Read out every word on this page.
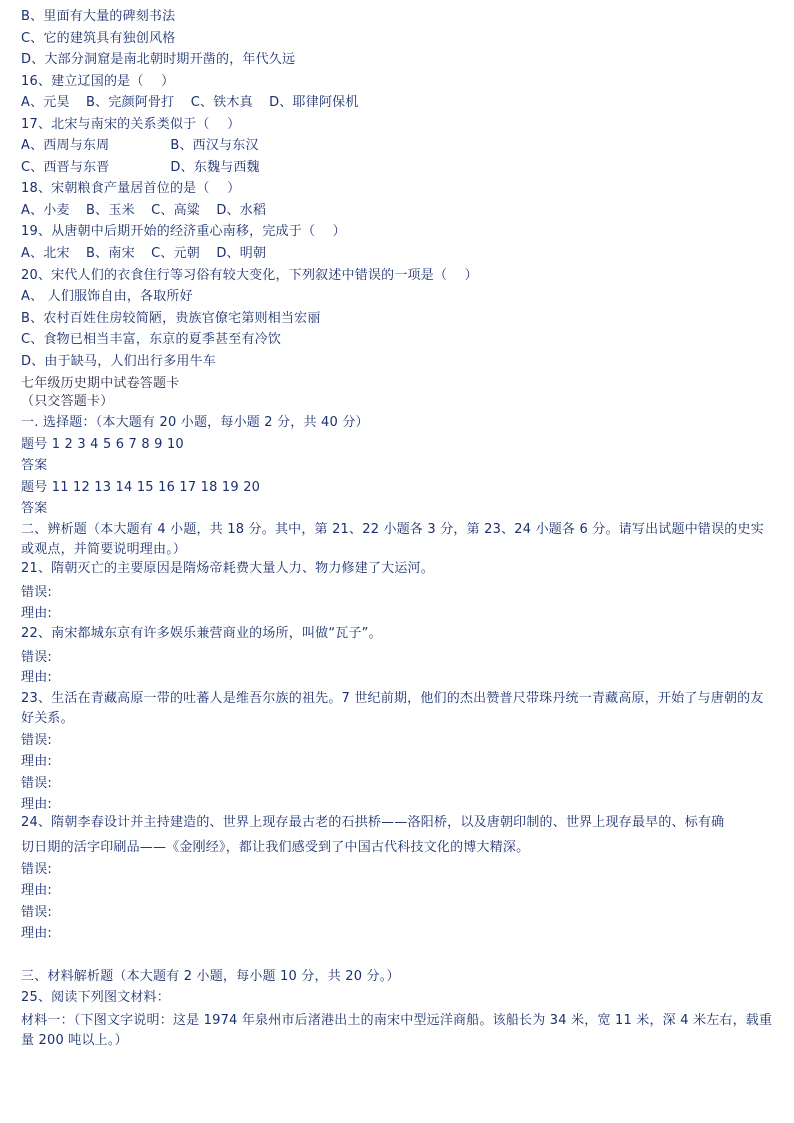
B、里面有大量的碑刻书法
C、它的建筑具有独创风格
D、大部分洞窟是南北朝时期开凿的，年代久远
16、建立辽国的是（　 ）
A、元昊 B、完颜阿骨打 C、铁木真 D、耶律阿保机
17、北宋与南宋的关系类似于（　 ）
A、西周与东周	B、西汉与东汉
C、西晋与东晋	D、东魏与西魏
18、宋朝粮食产量居首位的是（　 ）
A、小麦 B、玉米 C、高粱 D、水稻
19、从唐朝中后期开始的经济重心南移，完成于（　 ）
A、北宋 B、南宋 C、元朝 D、明朝
20、宋代人们的衣食住行等习俗有较大变化，下列叙述中错误的一项是（　 ）
A、 人们服饰自由，各取所好
B、农村百姓住房较简陋，贵族官僚宅第则相当宏丽
C、食物已相当丰富，东京的夏季甚至有冷饮
D、由于缺马，人们出行多用牛车
七年级历史期中试卷答题卡
（只交答题卡）
一. 选择题：（本大题有 20 小题，每小题 2 分，共 40 分）
题号 1 2 3 4 5 6 7 8 9 10
答案
题号 11 12 13 14 15 16 17 18 19 20
答案
二、辨析题（本大题有 4 小题，共 18 分。其中，第 21、22 小题各 3 分，第 23、24 小题各 6 分。请写出试题中错误的史实或观点，并简要说明理由。）
21、隋朝灭亡的主要原因是隋炀帝耗费大量人力、物力修建了大运河。
错误:
理由:
22、南宋都城东京有许多娱乐兼营商业的场所，叫做“瓦子”。
错误:
理由:
23、生活在青藏高原一带的吐蕃人是维吾尔族的祖先。7 世纪前期，他们的杰出赞普尺带珠丹统一青藏高原，开始了与唐朝的友好关系。
错误:
理由:
错误:
理由:
24、隋朝李春设计并主持建造的、世界上现存最古老的石拱桥——洛阳桥，以及唐朝印制的、世界上现存最早的、标有确
切日期的活字印刷品——《金刚经》，都让我们感受到了中国古代科技文化的博大精深。
错误:
理由:
错误:
理由:
三、材料解析题（本大题有 2 小题，每小题 10 分，共 20 分。）
25、阅读下列图文材料：
材料一：（下图文字说明：这是 1974 年泉州市后渚港出土的南宋中型远洋商船。该船长为 34 米，宽 11 米，深 4 米左右，载重量 200 吨以上。）
